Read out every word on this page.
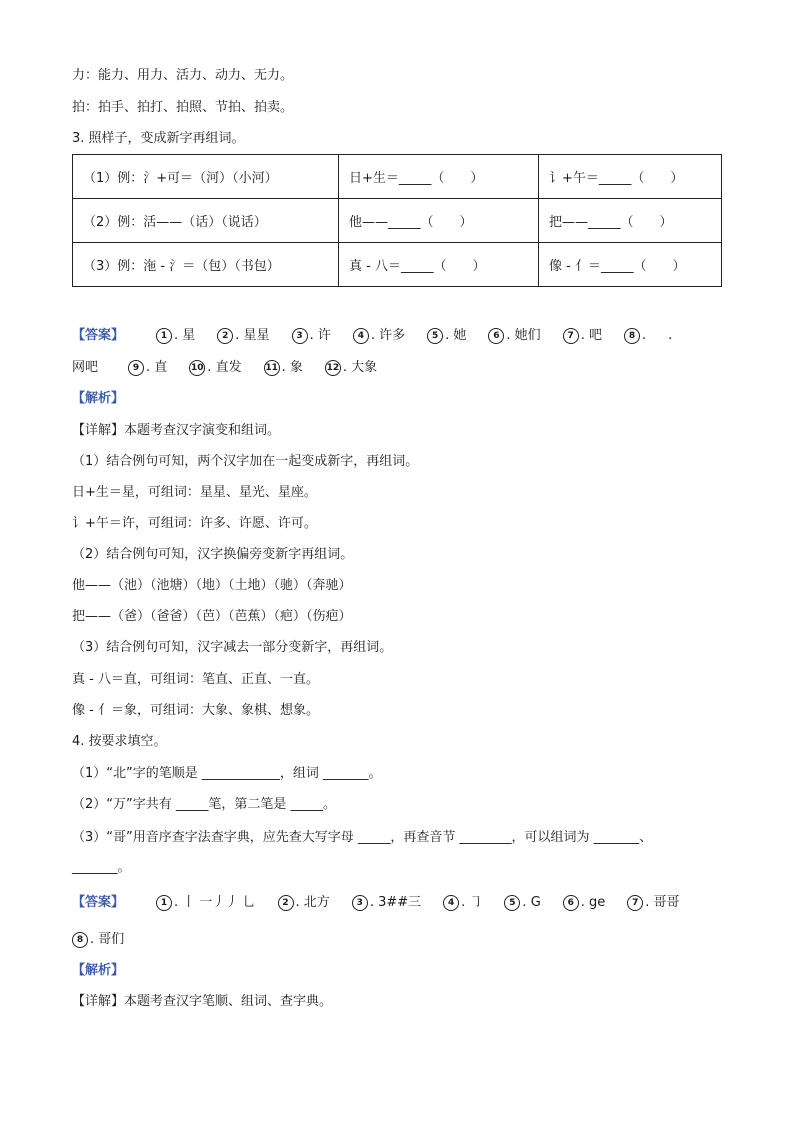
力：能力、用力、活力、动力、无力。
拍：拍手、拍打、拍照、节拍、拍卖。
3. 照样子，变成新字再组词。
（1）例：氵+可＝（河）（小河）	日+生＝_____（　　）	讠+午＝_____（　　）
（2）例：活——（话）（说话）	他——_____（　　）	把——_____（　　）
（3）例：沲 - 氵＝（包）（书包）	真 - 八＝_____（　　）	像 - 亻＝_____（　　）
【答案】	1 . 星	2 . 星星	3 . 许	4 . 许多	5 . 她	6 . 她们	7 . 吧	8 . .
网吧	9 . 直	10 . 直发	11 . 象	12 . 大象
【解析】
【详解】本题考查汉字演变和组词。
（1）结合例句可知，两个汉字加在一起变成新字，再组词。
日+生＝星，可组词：星星、星光、星座。
讠+午＝许，可组词：许多、许愿、许可。
（2）结合例句可知，汉字换偏旁变新字再组词。
他——（池）（池塘）（地）（土地）（驰）（奔驰）
把——（爸）（爸爸）（芭）（芭蕉）（疤）（伤疤）
（3）结合例句可知，汉字减去一部分变新字，再组词。
真 - 八＝直，可组词：笔直、正直、一直。
像 - 亻＝象，可组词：大象、象棋、想象。
4. 按要求填空。
（1）“北”字的笔顺是 ____________，组词 _______。
（2）“万”字共有 _____笔，第二笔是 _____。
（3）“哥”用音序查字法查字典，应先查大写字母 _____，再查音节 ________，可以组词为 _______、
_______。
【答案】	1 . 丨 一丿丿 乚	2 . 北方	3 . 3##三	4 . ㇆	5 . G	6 . ge	7 . 哥哥
8 . 哥们
【解析】
【详解】本题考查汉字笔顺、组词、查字典。
